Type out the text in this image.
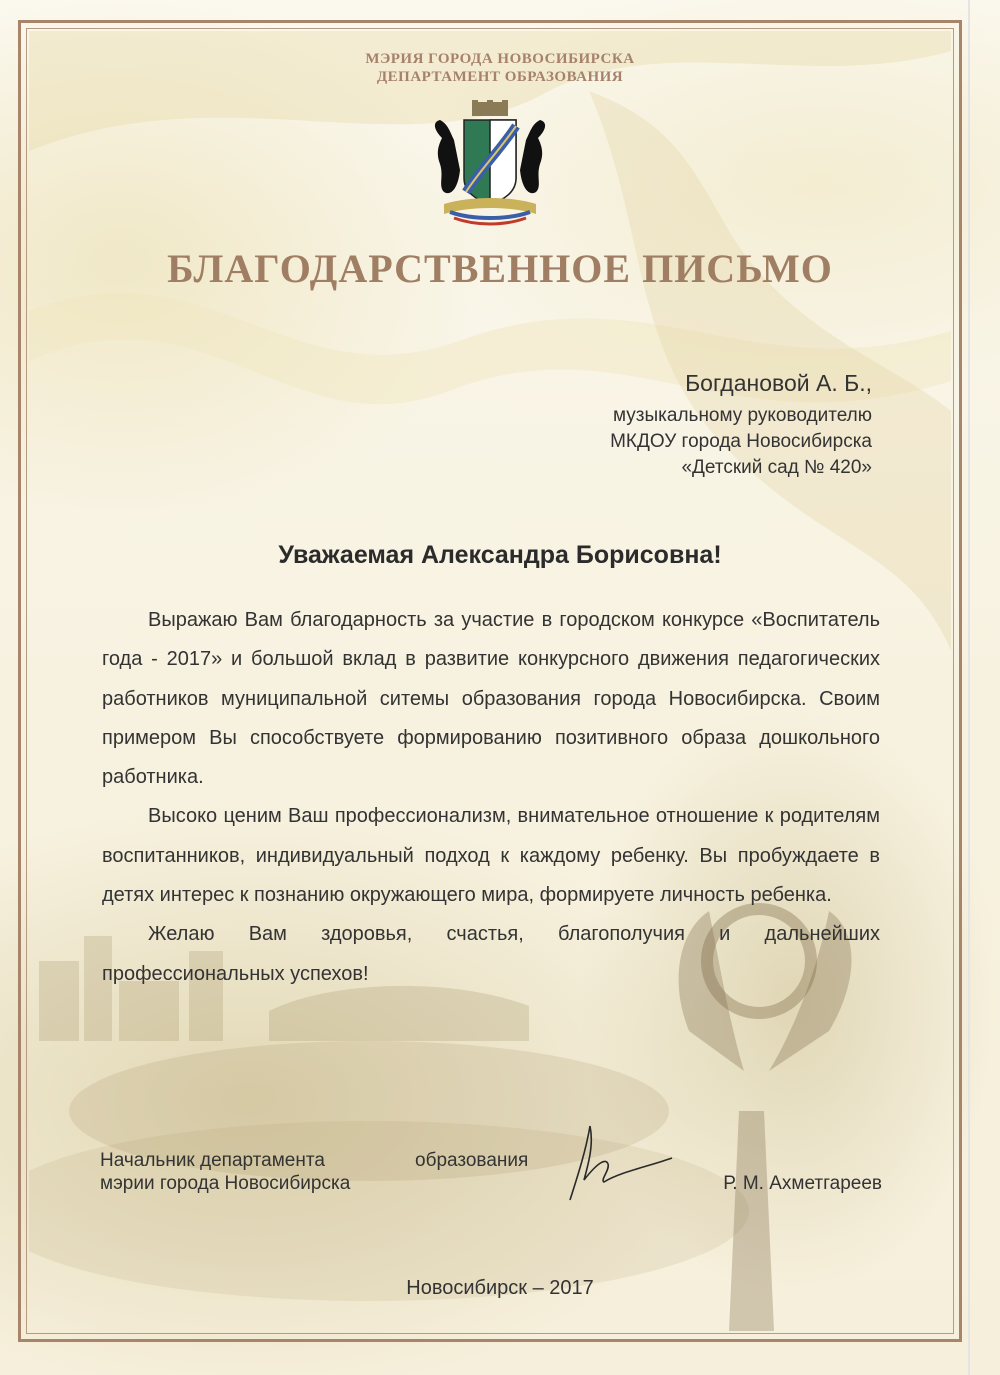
МЭРИЯ ГОРОДА НОВОСИБИРСКА
ДЕПАРТАМЕНТ ОБРАЗОВАНИЯ
БЛАГОДАРСТВЕННОЕ ПИСЬМО
Богдановой А. Б.,
музыкальному руководителю
МКДОУ города Новосибирска
«Детский сад № 420»
Уважаемая Александра Борисовна!

Выражаю Вам благодарность за участие в городском конкурсе «Воспитатель года - 2017» и большой вклад в развитие конкурсного движения педагогических работников муниципальной ситемы образования города Новосибирска. Своим примером Вы способствуете формированию позитивного образа дошкольного работника.

Высоко ценим Ваш профессионализм, внимательное отношение к родителям воспитанников, индивидуальный подход к каждому ребенку. Вы пробуждаете в детях интерес к познанию окружающего мира, формируете личность ребенка.

Желаю Вам здоровья, счастья, благополучия и дальнейших профессиональных успехов!

Начальник департамента
мэрии города Новосибирска
образования
Р. М. Ахметгареев
Новосибирск – 2017
